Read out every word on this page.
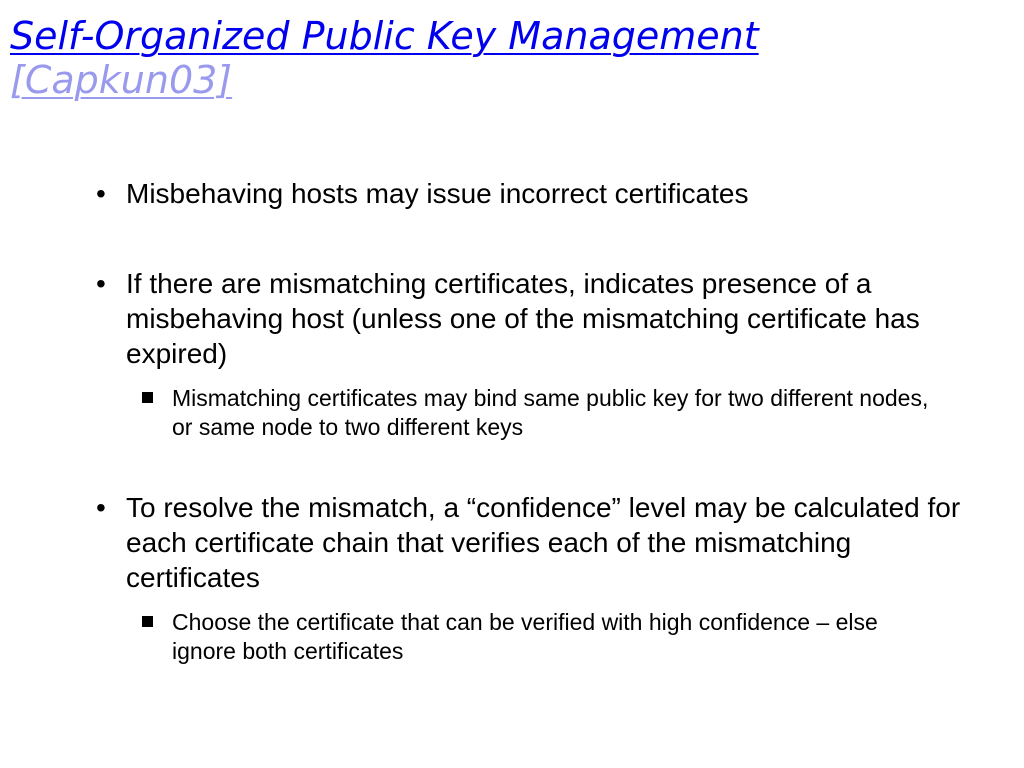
Self-Organized Public Key Management
[Capkun03]
• Misbehaving hosts may issue incorrect certificates
• If there are mismatching certificates, indicates presence of a misbehaving host (unless one of the mismatching certificate has expired)
Mismatching certificates may bind same public key for two different nodes, or same node to two different keys
• To resolve the mismatch, a “confidence” level may be calculated for each certificate chain that verifies each of the mismatching certificates
Choose the certificate that can be verified with high confidence – else ignore both certificates
